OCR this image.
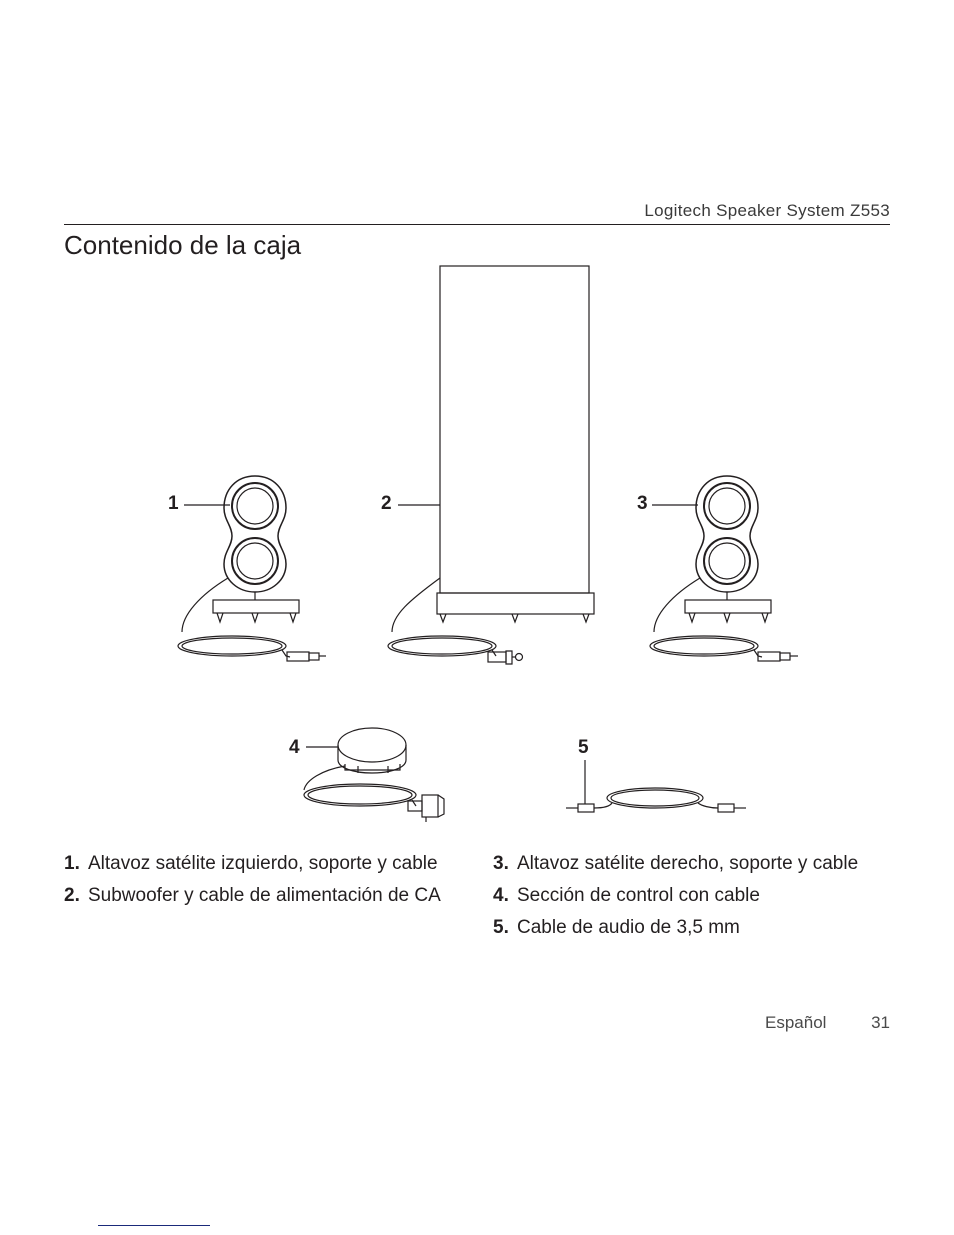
Logitech Speaker System Z553
Contenido de la caja
1	2	3
4	5
1. Altavoz satélite izquierdo, soporte y cable
2. Subwoofer y cable de alimentación de CA
3. Altavoz satélite derecho, soporte y cable
4. Sección de control con cable
5. Cable de audio de 3,5 mm
Español	31
